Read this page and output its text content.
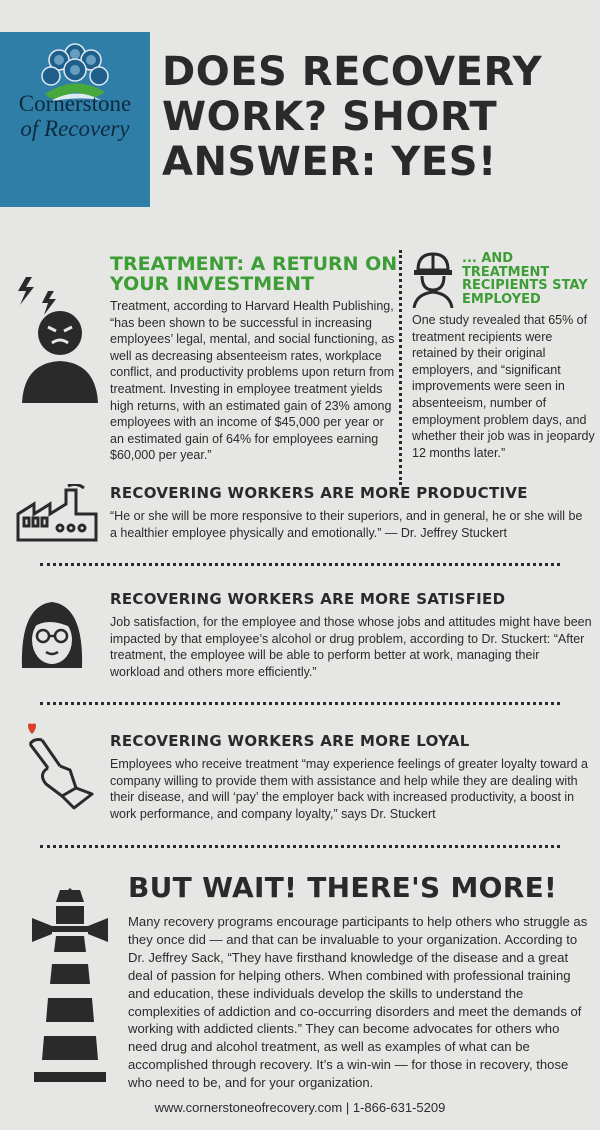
Cornerstone
of Recovery
DOES RECOVERY
WORK? SHORT
ANSWER: YES!
TREATMENT: A RETURN ON YOUR INVESTMENT
Treatment, according to Harvard Health Publishing, “has been shown to be successful in increasing employees’ legal, mental, and social functioning, as well as decreasing absenteeism rates, workplace conflict, and productivity problems upon return from treatment. Investing in employee treatment yields high returns, with an estimated gain of 23% among employees with an income of $45,000 per year or an estimated gain of 64% for employees earning $60,000 per year.”
... AND TREATMENT RECIPIENTS STAY EMPLOYED
One study revealed that 65% of treatment recipients were retained by their original employers, and “significant improvements were seen in absenteeism, number of employment problem days, and whether their job was in jeopardy 12 months later.”
RECOVERING WORKERS ARE MORE PRODUCTIVE
“He or she will be more responsive to their superiors, and in general, he or she will be a healthier employee physically and emotionally.” — Dr. Jeffrey Stuckert
RECOVERING WORKERS ARE MORE SATISFIED
Job satisfaction, for the employee and those whose jobs and attitudes might have been impacted by that employee’s alcohol or drug problem, according to Dr. Stuckert: “After treatment, the employee will be able to perform better at work, managing their workload and others more efficiently.”
RECOVERING WORKERS ARE MORE LOYAL
Employees who receive treatment “may experience feelings of greater loyalty toward a company willing to provide them with assistance and help while they are dealing with their disease, and will ‘pay’ the employer back with increased productivity, a boost in work performance, and company loyalty,” says Dr. Stuckert
BUT WAIT! THERE'S MORE!
Many recovery programs encourage participants to help others who struggle as they once did — and that can be invaluable to your organization. According to Dr. Jeffrey Sack, “They have firsthand knowledge of the disease and a great deal of passion for helping others. When combined with professional training and education, these individuals develop the skills to understand the complexities of addiction and co-occurring disorders and meet the demands of working with addicted clients.” They can become advocates for others who need drug and alcohol treatment, as well as examples of what can be accomplished through recovery. It’s a win-win — for those in recovery, those who need to be, and for your organization.
www.cornerstoneofrecovery.com | 1-866-631-5209
